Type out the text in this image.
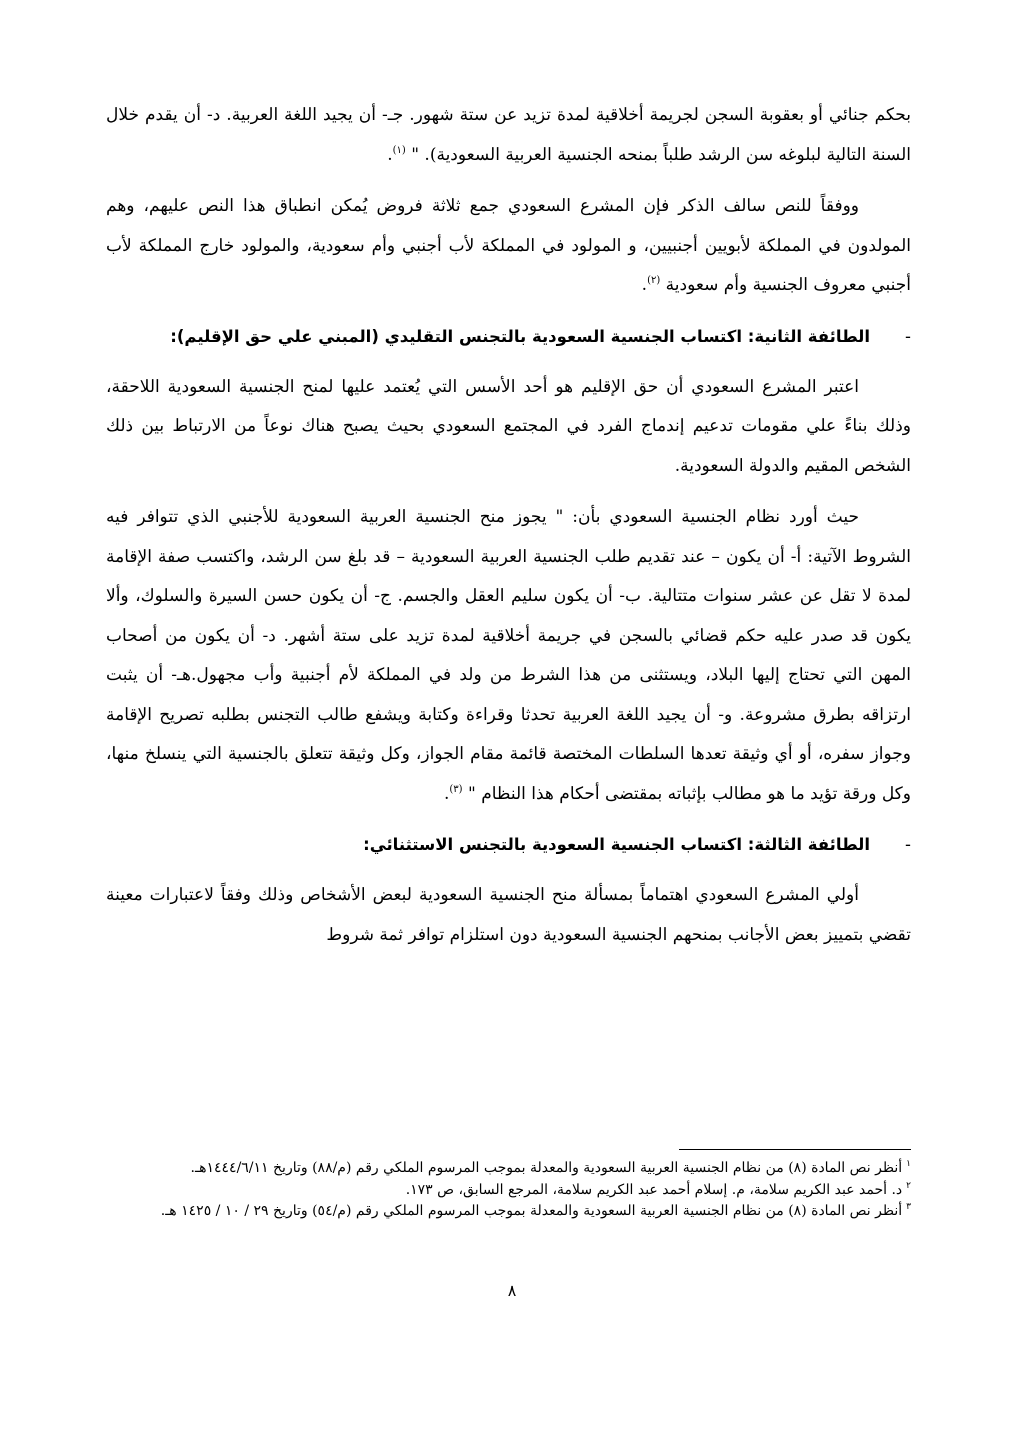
بحكم جنائي أو بعقوبة السجن لجريمة أخلاقية لمدة تزيد عن ستة شهور. جـ- أن يجيد اللغة العربية. د- أن يقدم خلال السنة التالية لبلوغه سن الرشد طلباً بمنحه الجنسية العربية السعودية). " $^{(١)}$.

ووفقاً للنص سالف الذكر فإن المشرع السعودي جمع ثلاثة فروض يُمكن انطباق هذا النص عليهم، وهم المولدون في المملكة لأبويين أجنبيين، و المولود في المملكة لأب أجنبي وأم سعودية، والمولود خارج المملكة لأب أجنبي معروف الجنسية وأم سعودية $^{(٢)}$.

-
الطائفة الثانية: اكتساب الجنسية السعودية بالتجنس التقليدي (المبني علي حق الإقليم):

اعتبر المشرع السعودي أن حق الإقليم هو أحد الأسس التي يُعتمد عليها لمنح الجنسية السعودية اللاحقة، وذلك بناءً علي مقومات تدعيم إندماج الفرد في المجتمع السعودي بحيث يصبح هناك نوعاً من الارتباط بين ذلك الشخص المقيم والدولة السعودية.

حيث أورد نظام الجنسية السعودي بأن: " يجوز منح الجنسية العربية السعودية للأجنبي الذي تتوافر فيه الشروط الآتية: أ- أن يكون – عند تقديم طلب الجنسية العربية السعودية – قد بلغ سن الرشد، واكتسب صفة الإقامة لمدة لا تقل عن عشر سنوات متتالية. ب- أن يكون سليم العقل والجسم. ج- أن يكون حسن السيرة والسلوك، وألا يكون قد صدر عليه حكم قضائي بالسجن في جريمة أخلاقية لمدة تزيد على ستة أشهر. د- أن يكون من أصحاب المهن التي تحتاج إليها البلاد، ويستثنى من هذا الشرط من ولد في المملكة لأم أجنبية وأب مجهول.هـ- أن يثبت ارتزاقه بطرق مشروعة. و- أن يجيد اللغة العربية تحدثا وقراءة وكتابة ويشفع طالب التجنس بطلبه تصريح الإقامة وجواز سفره، أو أي وثيقة تعدها السلطات المختصة قائمة مقام الجواز، وكل وثيقة تتعلق بالجنسية التي ينسلخ منها، وكل ورقة تؤيد ما هو مطالب بإثباته بمقتضى أحكام هذا النظام " $^{(٣)}$.

-
الطائفة الثالثة: اكتساب الجنسية السعودية بالتجنس الاستثنائي:

أولي المشرع السعودي اهتماماً بمسألة منح الجنسية السعودية لبعض الأشخاص وذلك وفقاً لاعتبارات معينة تقضي بتمييز بعض الأجانب بمنحهم الجنسية السعودية دون استلزام توافر ثمة شروط

$^١$أنظر نص المادة (٨) من نظام الجنسية العربية السعودية والمعدلة بموجب المرسوم الملكي رقم (م/٨٨) وتاريخ ١٤٤٤/٦/١١هـ.

$^٢$د. أحمد عبد الكريم سلامة، م. إسلام أحمد عبد الكريم سلامة، المرجع السابق، ص ١٧٣.

$^٣$أنظر نص المادة (٨) من نظام الجنسية العربية السعودية والمعدلة بموجب المرسوم الملكي رقم (م/٥٤) وتاريخ ٢٩ / ١٠ / ١٤٢٥ هـ.

٨
